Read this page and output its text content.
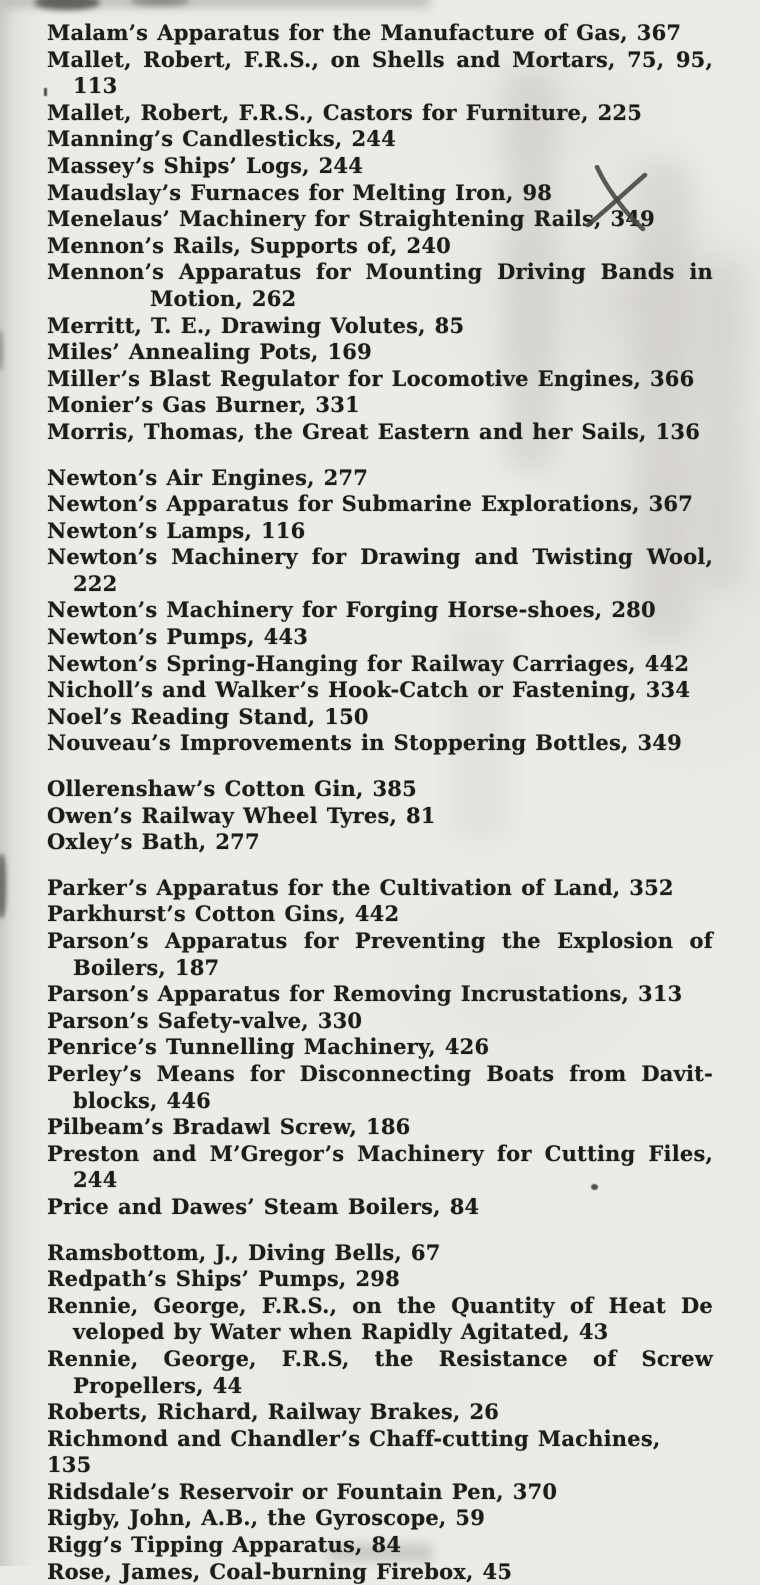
Malam’s Apparatus for the Manufacture of Gas, 367
Mallet, Robert, F.R.S., on Shells and Mortars, 75, 95,
113
Mallet, Robert, F.R.S., Castors for Furniture, 225
Manning’s Candlesticks, 244
Massey’s Ships’ Logs, 244
Maudslay’s Furnaces for Melting Iron, 98
Menelaus’ Machinery for Straightening Rails, 349
Mennon’s Rails, Supports of, 240
Mennon’s Apparatus for Mounting Driving Bands in
Motion, 262
Merritt, T. E., Drawing Volutes, 85
Miles’ Annealing Pots, 169
Miller’s Blast Regulator for Locomotive Engines, 366
Monier’s Gas Burner, 331
Morris, Thomas, the Great Eastern and her Sails, 136
Newton’s Air Engines, 277
Newton’s Apparatus for Submarine Explorations, 367
Newton’s Lamps, 116
Newton’s Machinery for Drawing and Twisting Wool,
222
Newton’s Machinery for Forging Horse-shoes, 280
Newton’s Pumps, 443
Newton’s Spring-Hanging for Railway Carriages, 442
Nicholl’s and Walker’s Hook-Catch or Fastening, 334
Noel’s Reading Stand, 150
Nouveau’s Improvements in Stoppering Bottles, 349
Ollerenshaw’s Cotton Gin, 385
Owen’s Railway Wheel Tyres, 81
Oxley’s Bath, 277
Parker’s Apparatus for the Cultivation of Land, 352
Parkhurst’s Cotton Gins, 442
Parson’s Apparatus for Preventing the Explosion of
Boilers, 187
Parson’s Apparatus for Removing Incrustations, 313
Parson’s Safety-valve, 330
Penrice’s Tunnelling Machinery, 426
Perley’s Means for Disconnecting Boats from Davit-
blocks, 446
Pilbeam’s Bradawl Screw, 186
Preston and M’Gregor’s Machinery for Cutting Files,
244
Price and Dawes’ Steam Boilers, 84
Ramsbottom, J., Diving Bells, 67
Redpath’s Ships’ Pumps, 298
Rennie, George, F.R.S., on the Quantity of Heat De
veloped by Water when Rapidly Agitated, 43
Rennie, George, F.R.S, the Resistance of Screw
Propellers, 44
Roberts, Richard, Railway Brakes, 26
Richmond and Chandler’s Chaff-cutting Machines, 135
Ridsdale’s Reservoir or Fountain Pen, 370
Rigby, John, A.B., the Gyroscope, 59
Rigg’s Tipping Apparatus, 84
Rose, James, Coal-burning Firebox, 45
